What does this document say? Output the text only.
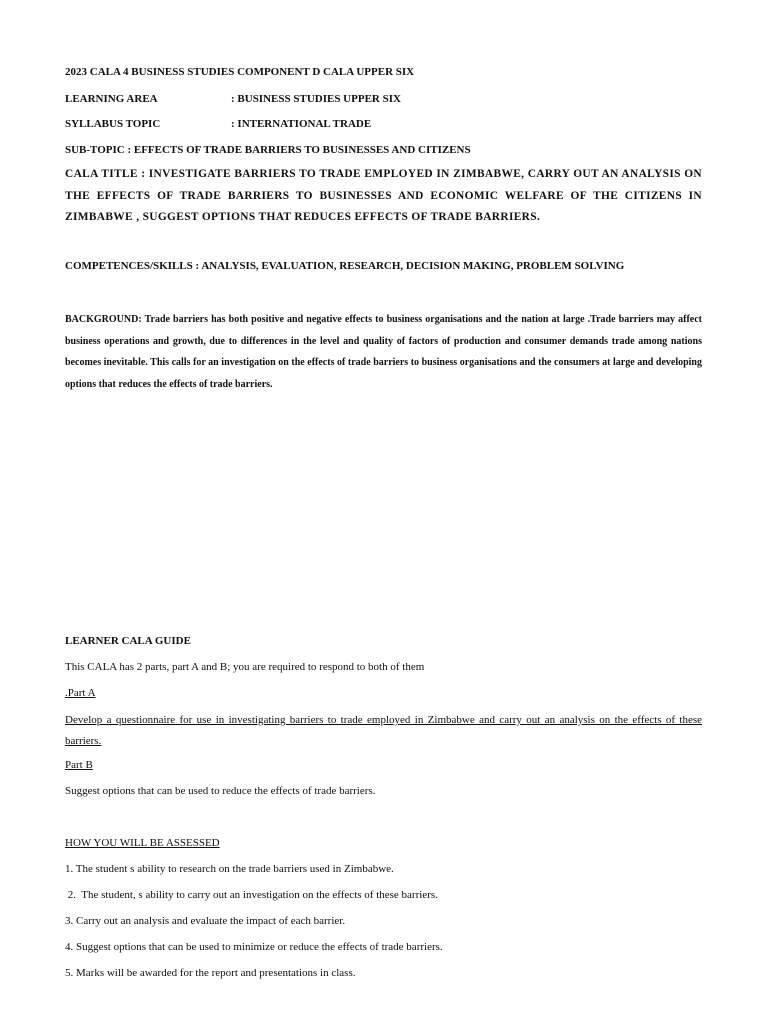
2023 CALA 4 BUSINESS STUDIES COMPONENT D CALA UPPER SIX
LEARNING AREA	: BUSINESS STUDIES UPPER SIX
SYLLABUS TOPIC	: INTERNATIONAL TRADE
SUB-TOPIC : EFFECTS OF TRADE BARRIERS TO BUSINESSES AND CITIZENS
CALA TITLE : INVESTIGATE BARRIERS TO TRADE EMPLOYED IN ZIMBABWE, CARRY OUT AN ANALYSIS ON THE EFFECTS OF TRADE BARRIERS TO BUSINESSES AND ECONOMIC WELFARE OF THE CITIZENS IN ZIMBABWE , SUGGEST OPTIONS THAT REDUCES EFFECTS OF TRADE BARRIERS.
COMPETENCES/SKILLS : ANALYSIS, EVALUATION, RESEARCH, DECISION MAKING, PROBLEM SOLVING
BACKGROUND: Trade barriers has both positive and negative effects to business organisations and the nation at large .Trade barriers may affect business operations and growth, due to differences in the level and quality of factors of production and consumer demands trade among nations becomes inevitable. This calls for an investigation on the effects of trade barriers to business organisations and the consumers at large and developing options that reduces the effects of trade barriers.
LEARNER CALA GUIDE
This CALA has 2 parts, part A and B; you are required to respond to both of them
.Part A
Develop a questionnaire for use in investigating barriers to trade employed in Zimbabwe and carry out an analysis on the effects of these barriers.
Part B
Suggest options that can be used to reduce the effects of trade barriers.
HOW YOU WILL BE ASSESSED
1. The student s ability to research on the trade barriers used in Zimbabwe.
2.  The student, s ability to carry out an investigation on the effects of these barriers.
3. Carry out an analysis and evaluate the impact of each barrier.
4. Suggest options that can be used to minimize or reduce the effects of trade barriers.
5. Marks will be awarded for the report and presentations in class.
